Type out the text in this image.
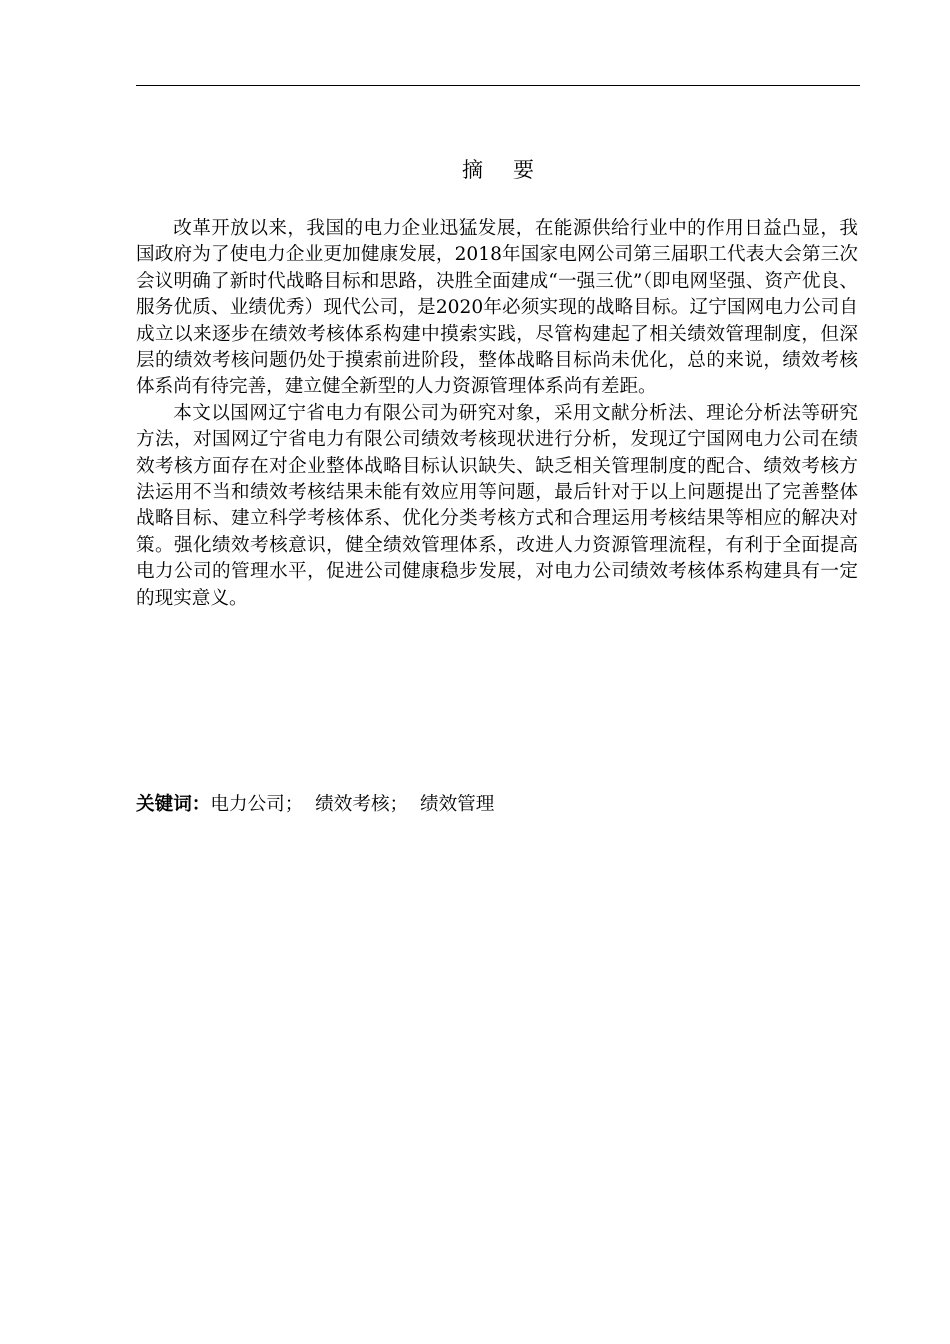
摘要

改革开放以来，我国的电力企业迅猛发展，在能源供给行业中的作用日益凸显，我国政府为了使电力企业更加健康发展，2018年国家电网公司第三届职工代表大会第三次会议明确了新时代战略目标和思路，决胜全面建成“一强三优”（即电网坚强、资产优良、服务优质、业绩优秀）现代公司，是2020年必须实现的战略目标。辽宁国网电力公司自成立以来逐步在绩效考核体系构建中摸索实践，尽管构建起了相关绩效管理制度，但深层的绩效考核问题仍处于摸索前进阶段，整体战略目标尚未优化，总的来说，绩效考核体系尚有待完善，建立健全新型的人力资源管理体系尚有差距。

本文以国网辽宁省电力有限公司为研究对象，采用文献分析法、理论分析法等研究方法，对国网辽宁省电力有限公司绩效考核现状进行分析，发现辽宁国网电力公司在绩效考核方面存在对企业整体战略目标认识缺失、缺乏相关管理制度的配合、绩效考核方法运用不当和绩效考核结果未能有效应用等问题，最后针对于以上问题提出了完善整体战略目标、建立科学考核体系、优化分类考核方式和合理运用考核结果等相应的解决对策。强化绩效考核意识，健全绩效管理体系，改进人力资源管理流程，有利于全面提高电力公司的管理水平，促进公司健康稳步发展，对电力公司绩效考核体系构建具有一定的现实意义。

关键词：电力公司；  绩效考核；  绩效管理
